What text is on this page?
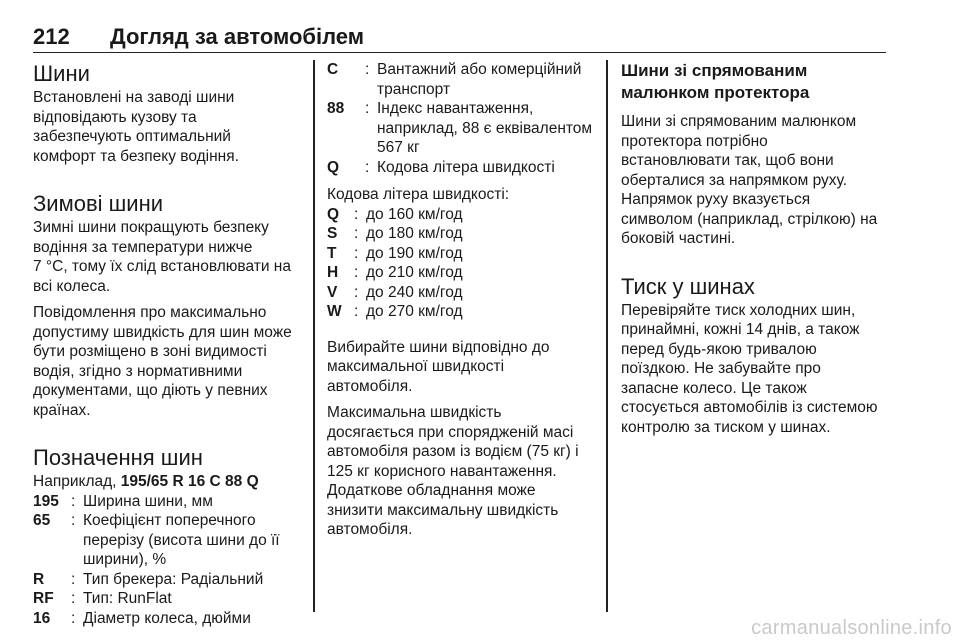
212 Догляд за автомобілем
Шини

Встановлені на заводі шини
відповідають кузову та
забезпечують оптимальний
комфорт та безпеку водіння.

Зимові шини

Зимні шини покращують безпеку
водіння за температури нижче
7 °C, тому їх слід встановлювати на
всі колеса.

Повідомлення про максимально
допустиму швидкість для шин може
бути розміщено в зоні видимості
водія, згідно з нормативними
документами, що діють у певних
країнах.

Позначення шин

Наприклад, 195/65 R 16 C 88 Q

195 : Ширина шини, мм
65	: Коефіцієнт поперечного перерізу (висота шини до її ширини), %
R	: Тип брекера: Радіальний
RF	: Тип: RunFlat
16	: Діаметр колеса, дюйми
C	: Вантажний або комерційний транспорт
88	: Індекс навантаження, наприклад, 88 є еквівалентом 567 кг
Q	: Кодова літера швидкості

Кодова літера швидкості:

Q : до 160 км/год
S	: до 180 км/год
T	: до 190 км/год
H	: до 210 км/год
V	: до 240 км/год
W : до 270 км/год

Вибирайте шини відповідно до
максимальної швидкості
автомобіля.

Максимальна швидкість
досягається при спорядженій масі
автомобіля разом із водієм (75 кг) і
125 кг корисного навантаження.
Додаткове обладнання може
знизити максимальну швидкість
автомобіля.

Шини зі спрямованим
малюнком протектора

Шини зі спрямованим малюнком
протектора потрібно
встановлювати так, щоб вони
оберталися за напрямком руху.
Напрямок руху вказується
символом (наприклад, стрілкою) на
боковій частині.

Тиск у шинах

Перевіряйте тиск холодних шин,
принаймні, кожні 14 днів, а також
перед будь-якою тривалою
поїздкою. Не забувайте про
запасне колесо. Це також
стосується автомобілів із системою
контролю за тиском у шинах.

carmanualsonline.info
